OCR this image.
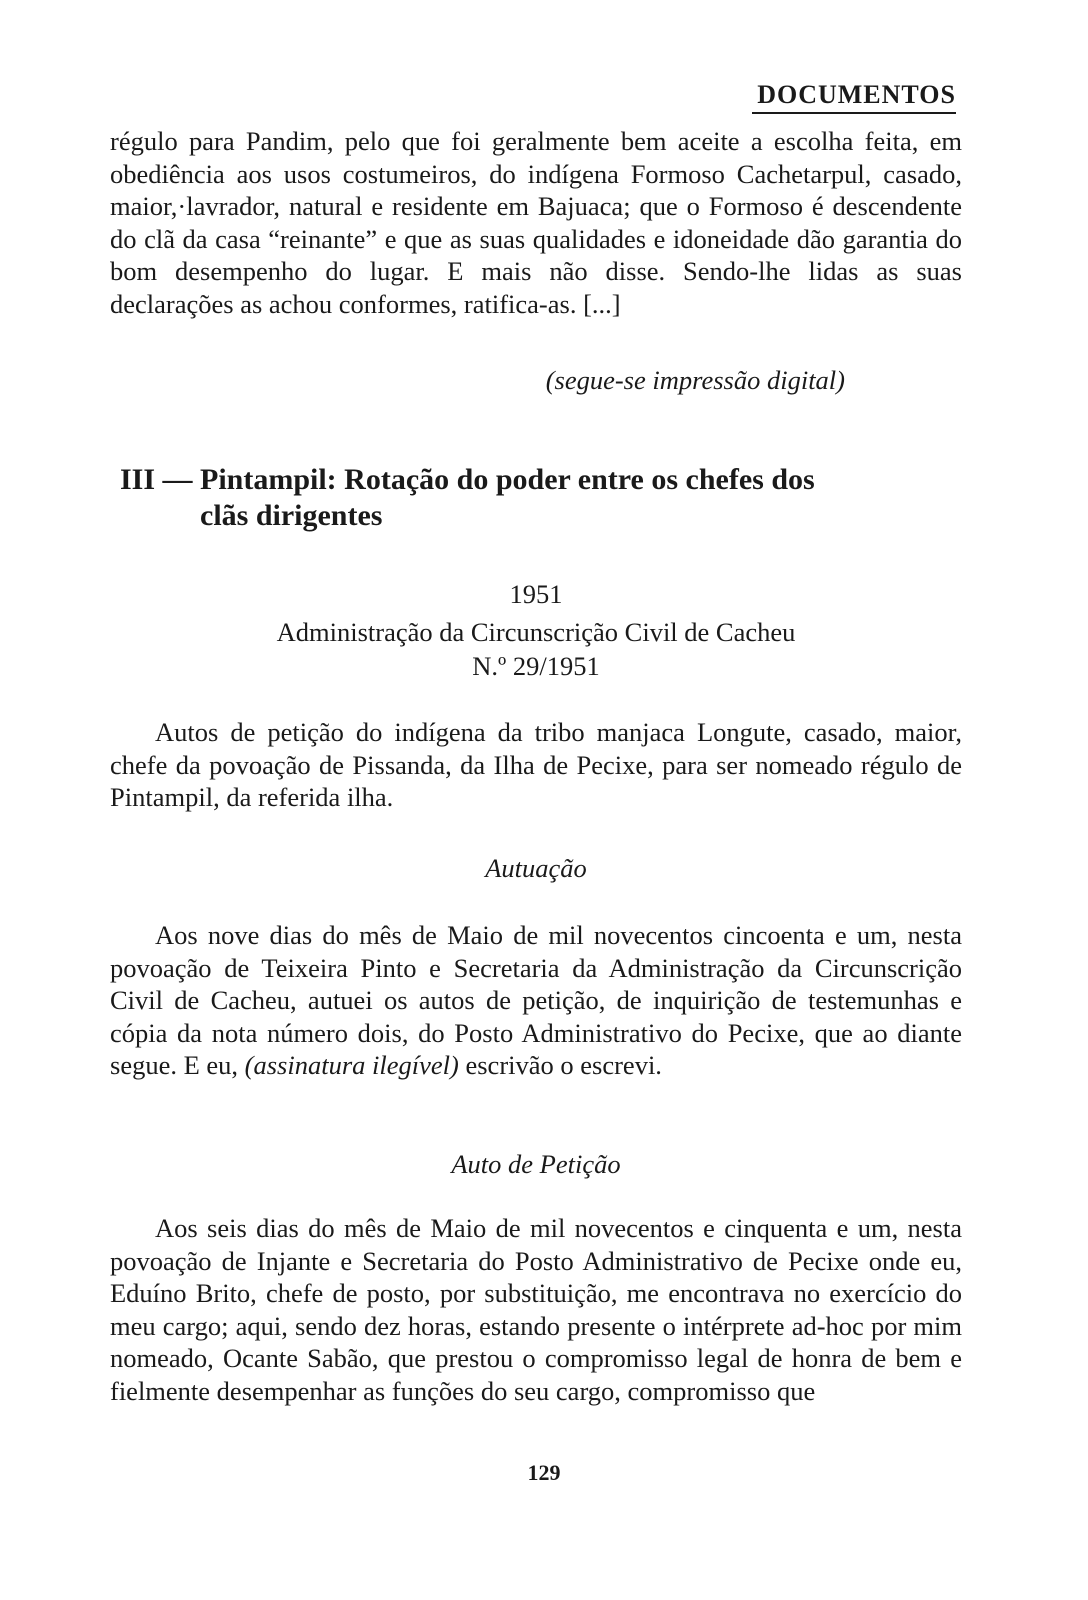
DOCUMENTOS

régulo para Pandim, pelo que foi geralmente bem aceite a escolha feita, em obediência aos usos costumeiros, do indígena Formoso Cachetarpul, casado, maior,·lavrador, natural e residente em Bajuaca; que o Formoso é descendente do clã da casa “reinante” e que as suas qualidades e idoneidade dão garantia do bom desempenho do lugar. E mais não disse. Sendo-lhe lidas as suas declarações as achou conformes, ratifica-as. [...]

(segue-se impressão digital)
III — Pintampil: Rotação do poder entre os chefes dos
clãs dirigentes
1951
Administração da Circunscrição Civil de Cacheu
N.º 29/1951

Autos de petição do indígena da tribo manjaca Longute, casado, maior, chefe da povoação de Pissanda, da Ilha de Pecixe, para ser nomeado régulo de Pintampil, da referida ilha.

Autuação

Aos nove dias do mês de Maio de mil novecentos cincoenta e um, nesta povoação de Teixeira Pinto e Secretaria da Administração da Circunscrição Civil de Cacheu, autuei os autos de petição, de inquirição de testemunhas e cópia da nota número dois, do Posto Administrativo do Pecixe, que ao diante segue. E eu, (assinatura ilegível) escrivão o escrevi.

Auto de Petição

Aos seis dias do mês de Maio de mil novecentos e cinquenta e um, nesta povoação de Injante e Secretaria do Posto Administrativo de Pecixe onde eu, Eduíno Brito, chefe de posto, por substituição, me encontrava no exercício do meu cargo; aqui, sendo dez horas, estando presente o intérprete ad-hoc por mim nomeado, Ocante Sabão, que prestou o compromisso legal de honra de bem e fielmente desempenhar as funções do seu cargo, compromisso que

129
